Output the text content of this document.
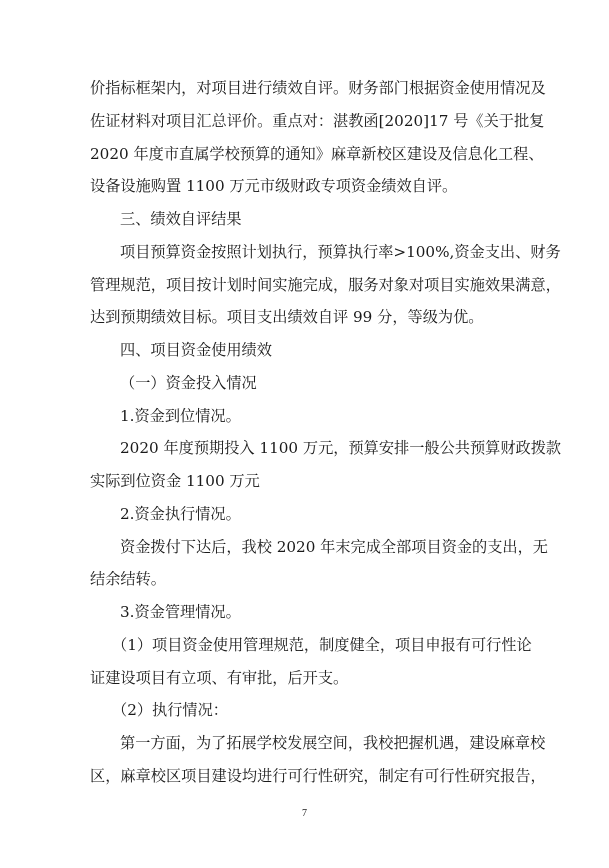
价指标框架内，对项目进行绩效自评。财务部门根据资金使用情况及
佐证材料对项目汇总评价。重点对：湛教函[2020]17 号《关于批复
2020 年度市直属学校预算的通知》麻章新校区建设及信息化工程、
设备设施购置 1100 万元市级财政专项资金绩效自评。
三、绩效自评结果
项目预算资金按照计划执行，预算执行率>100%,资金支出、财务
管理规范，项目按计划时间实施完成，服务对象对项目实施效果满意，
达到预期绩效目标。项目支出绩效自评 99 分，等级为优。
四、项目资金使用绩效
（一）资金投入情况
1.资金到位情况。
2020 年度预期投入 1100 万元，预算安排一般公共预算财政拨款
实际到位资金 1100 万元
2.资金执行情况。
资金拨付下达后，我校 2020 年末完成全部项目资金的支出，无
结余结转。
3.资金管理情况。
（1）项目资金使用管理规范，制度健全，项目申报有可行性论
证建设项目有立项、有审批，后开支。
（2）执行情况：
第一方面，为了拓展学校发展空间，我校把握机遇，建设麻章校
区，麻章校区项目建设均进行可行性研究，制定有可行性研究报告，
7
